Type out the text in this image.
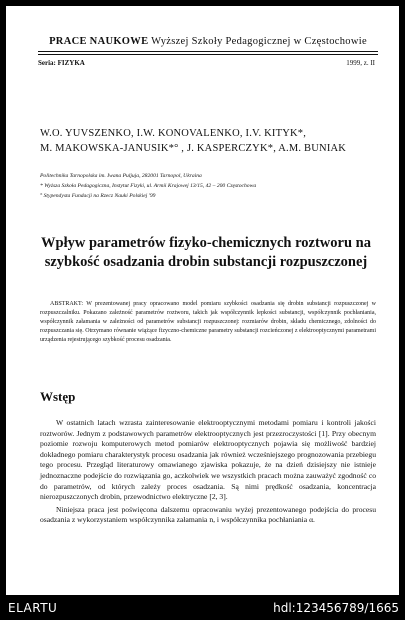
PRACE NAUKOWE Wyższej Szkoły Pedagogicznej w Częstochowie
Seria: FIZYKA	1999, z. II
W.O. YUVSZENKO, I.W. KONOVALENKO, I.V. KITYK*,
M. MAKOWSKA-JANUSIK*° , J. KASPERCZYK*, A.M. BUNIAK
Politechnika Tarnopolska im. Iwana Puljuja, 282001 Tarnopol, Ukraina
* Wyższa Szkoła Pedagogiczna, Instytut Fizyki, ul. Armii Krajowej 13/15, 42 – 200 Częstochowa
° Stypendysta Fundacji na Rzecz Nauki Polskiej '99
Wpływ parametrów fizyko-chemicznych roztworu na szybkość osadzania drobin substancji rozpuszczonej
ABSTRAKT: W prezentowanej pracy opracowano model pomiaru szybkości osadzania się drobin substancji rozpuszczonej w rozpuszczalniku. Pokazano zależność parametrów roztworu, takich jak współczynnik lepkości substancji, współczynnik pochłaniania, współczynnik załamania w zależności od parametrów substancji rozpuszczonej: rozmiarów drobin, składu chemicznego, zdolności do rozpuszczania się. Otrzymano równanie wiążące fizyczno-chemiczne parametry substancji rozcieńczonej z elektrooptycznymi parametrami urządzenia rejestrującego szybkość procesu osadzania.
Wstęp

W ostatnich latach wzrasta zainteresowanie elektrooptycznymi metodami pomiaru i kontroli jakości roztworów. Jednym z podstawowych parametrów elektrooptycznych jest przezroczystości [1]. Przy obecnym poziomie rozwoju komputerowych metod pomiarów elektrooptycznych pojawia się możliwość bardziej dokładnego pomiaru charakterystyk procesu osadzania jak również wcześniejszego prognozowania przebiegu tego procesu. Przegląd literaturowy omawianego zjawiska pokazuje, że na dzień dzisiejszy nie istnieje jednoznaczne podejście do rozwiązania go, aczkolwiek we wszystkich pracach można zauważyć zgodność co do parametrów, od których zależy proces osadzania. Są nimi prędkość osadzania, koncentracja nierozpuszczonych drobin, przewodnictwo elektryczne [2, 3].

Niniejsza praca jest poświęcona dalszemu opracowaniu wyżej prezentowanego podejścia do procesu osadzania z wykorzystaniem współczynnika załamania n, i współczynnika pochłaniania α.

ELARTU	hdl:123456789/1665
